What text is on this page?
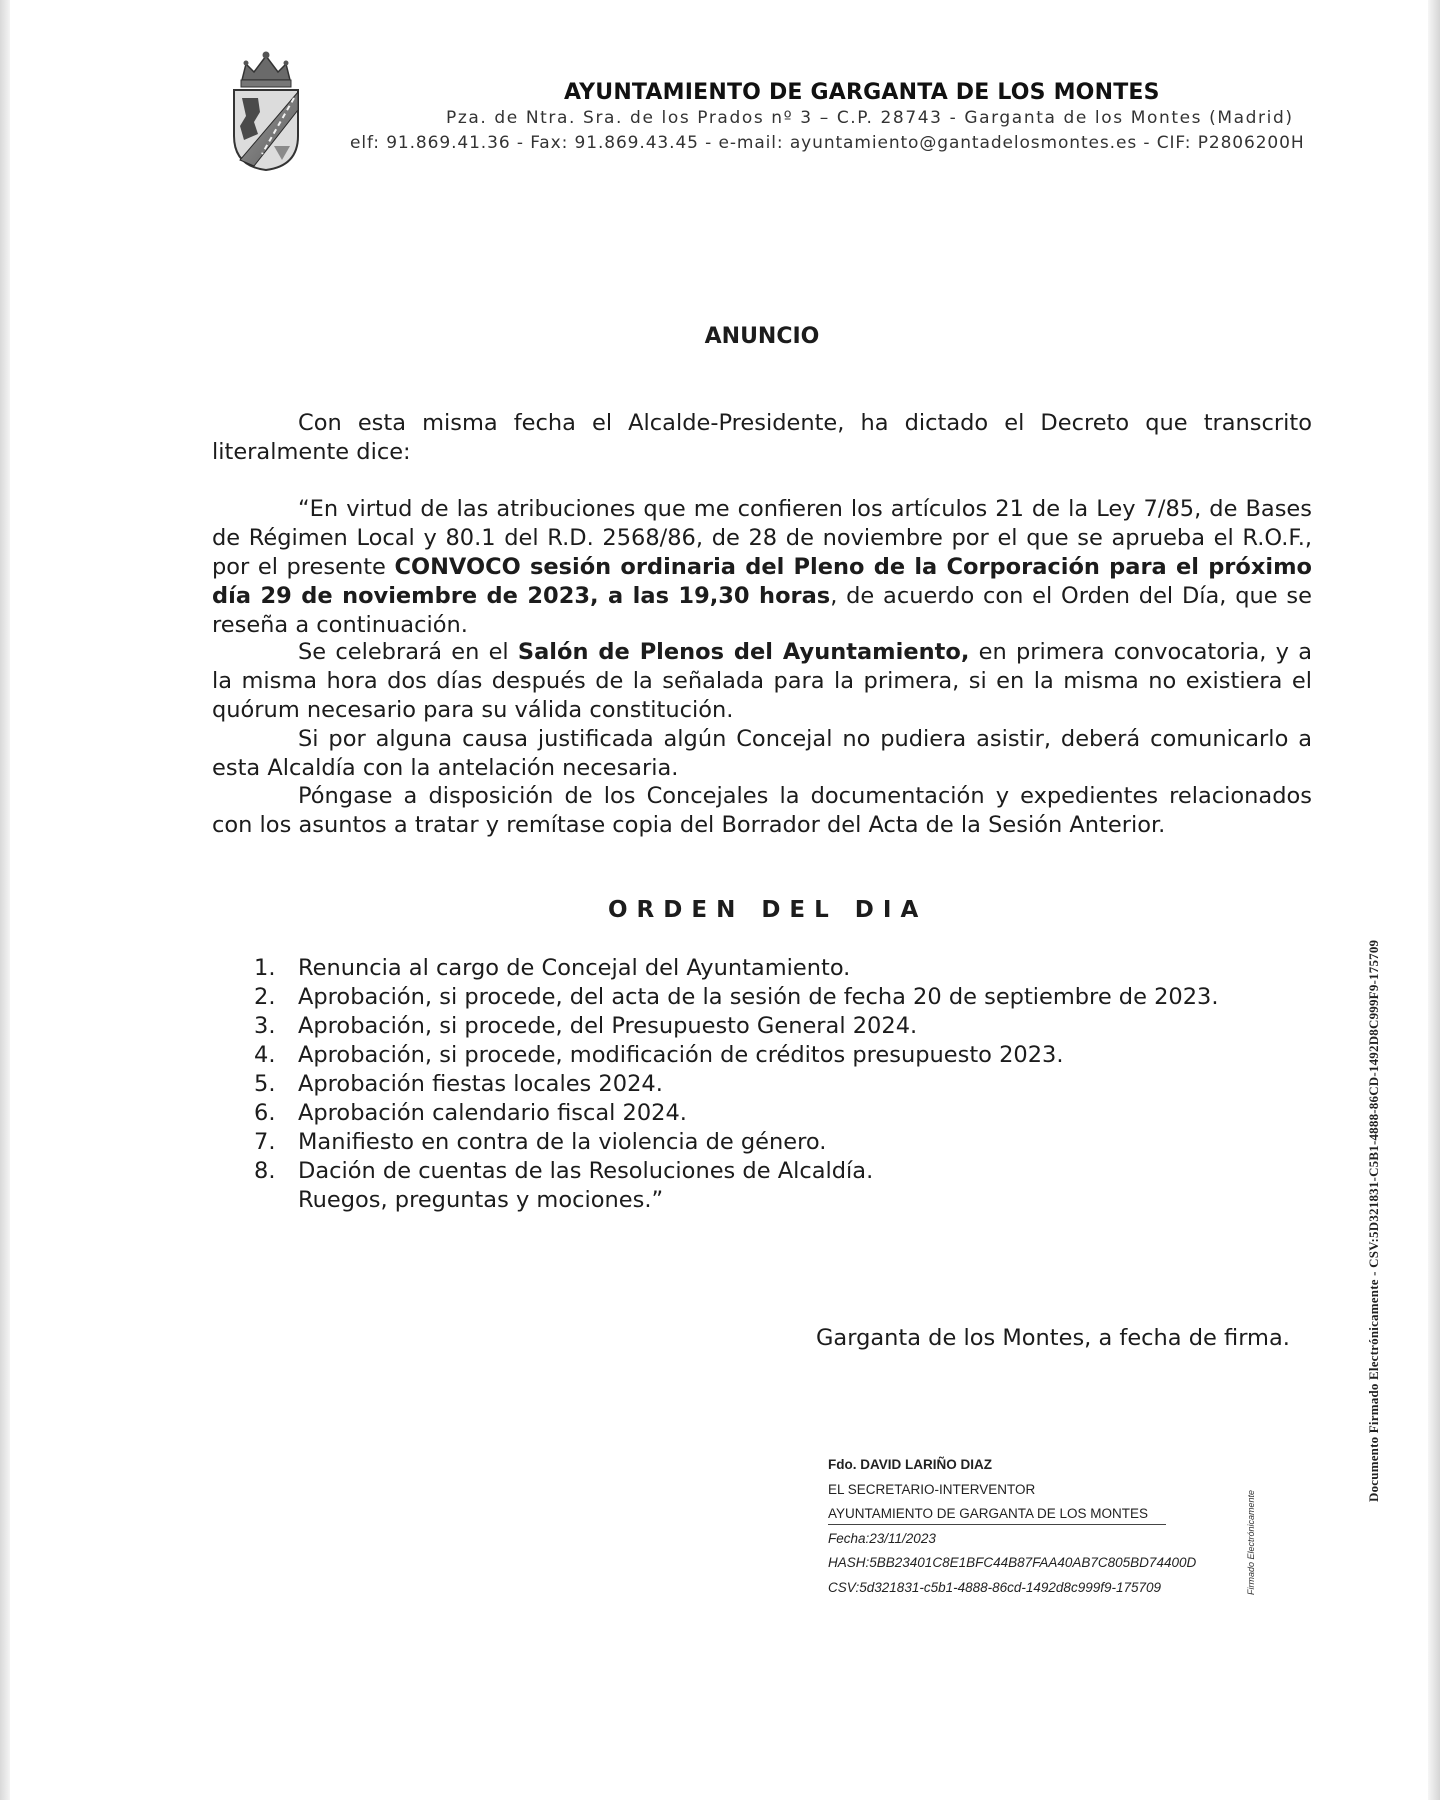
AYUNTAMIENTO DE GARGANTA DE LOS MONTES
Pza. de Ntra. Sra. de los Prados nº 3 – C.P. 28743 - Garganta de los Montes (Madrid)
elf: 91.869.41.36 - Fax: 91.869.43.45 - e-mail: ayuntamiento@gantadelosmontes.es - CIF: P2806200H
ANUNCIO
Con esta misma fecha el Alcalde-Presidente, ha dictado el Decreto que transcrito literalmente dice:
“En virtud de las atribuciones que me confieren los artículos 21 de la Ley 7/85, de Bases de Régimen Local y 80.1 del R.D. 2568/86, de 28 de noviembre por el que se aprueba el R.O.F., por el presente CONVOCO sesión ordinaria del Pleno de la Corporación para el próximo día 29 de noviembre de 2023, a las 19,30 horas, de acuerdo con el Orden del Día, que se reseña a continuación.
Se celebrará en el Salón de Plenos del Ayuntamiento, en primera convocatoria, y a la misma hora dos días después de la señalada para la primera, si en la misma no existiera el quórum necesario para su válida constitución.
Si por alguna causa justificada algún Concejal no pudiera asistir, deberá comunicarlo a esta Alcaldía con la antelación necesaria.
Póngase a disposición de los Concejales la documentación y expedientes relacionados con los asuntos a tratar y remítase copia del Borrador del Acta de la Sesión Anterior.
ORDEN DEL DIA
1.	Renuncia al cargo de Concejal del Ayuntamiento.
2.	Aprobación, si procede, del acta de la sesión de fecha 20 de septiembre de 2023.
3.	Aprobación, si procede, del Presupuesto General 2024.
4.	Aprobación, si procede, modificación de créditos presupuesto 2023.
5.	Aprobación fiestas locales 2024.
6.	Aprobación calendario fiscal 2024.
7.	Manifiesto en contra de la violencia de género.
8.	Dación de cuentas de las Resoluciones de Alcaldía.
Ruegos, preguntas y mociones.”
Garganta de los Montes, a fecha de firma.
Fdo. DAVID LARIÑO DIAZ
EL SECRETARIO-INTERVENTOR
AYUNTAMIENTO DE GARGANTA DE LOS MONTES
Fecha:23/11/2023
HASH:5BB23401C8E1BFC44B87FAA40AB7C805BD74400D
CSV:5d321831-c5b1-4888-86cd-1492d8c999f9-175709	Firmado Electrónicamente
Documento Firmado Electrónicamente - CSV:5D321831-C5B1-4888-86CD-1492D8C999F9-175709
